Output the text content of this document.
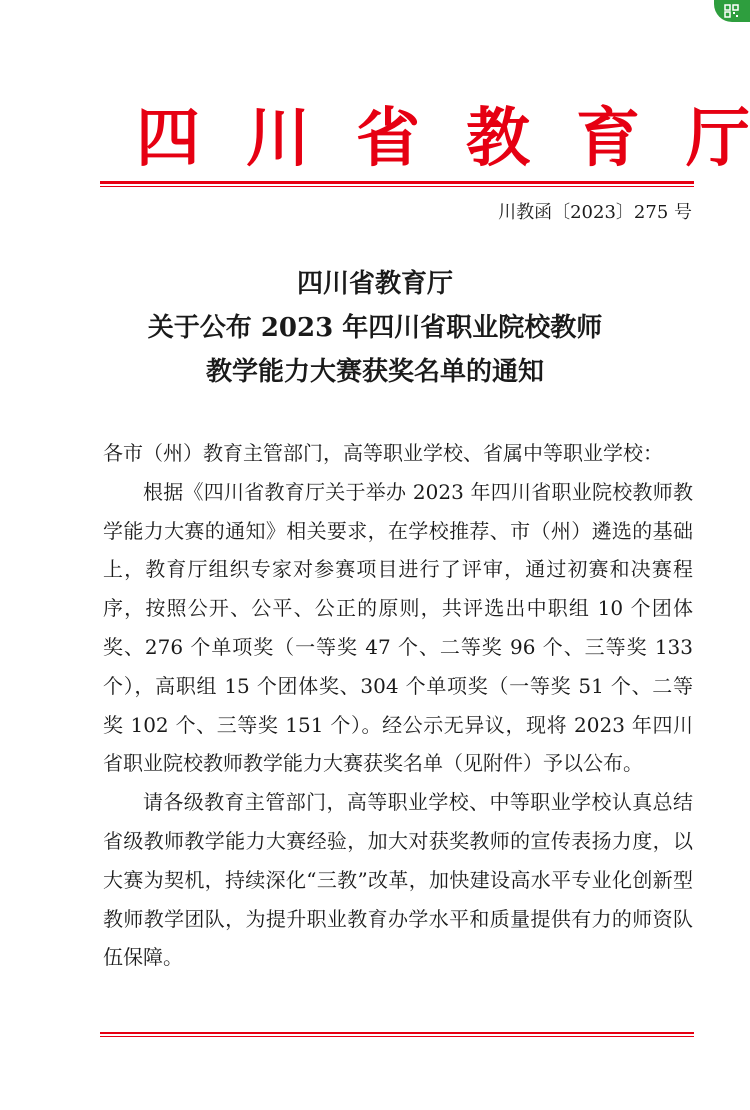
四 川 省 教 育 厅
川教函〔2023〕275 号
四川省教育厅
关于公布 2023 年四川省职业院校教师
教学能力大赛获奖名单的通知

各市（州）教育主管部门，高等职业学校、省属中等职业学校：

根据《四川省教育厅关于举办 2023 年四川省职业院校教师教学能力大赛的通知》相关要求，在学校推荐、市（州）遴选的基础上，教育厅组织专家对参赛项目进行了评审，通过初赛和决赛程序，按照公开、公平、公正的原则，共评选出中职组 10 个团体奖、276 个单项奖（一等奖 47 个、二等奖 96 个、三等奖 133 个），高职组 15 个团体奖、304 个单项奖（一等奖 51 个、二等奖 102 个、三等奖 151 个）。经公示无异议，现将 2023 年四川省职业院校教师教学能力大赛获奖名单（见附件）予以公布。

请各级教育主管部门，高等职业学校、中等职业学校认真总结省级教师教学能力大赛经验，加大对获奖教师的宣传表扬力度，以大赛为契机，持续深化“三教”改革，加快建设高水平专业化创新型教师教学团队，为提升职业教育办学水平和质量提供有力的师资队伍保障。
